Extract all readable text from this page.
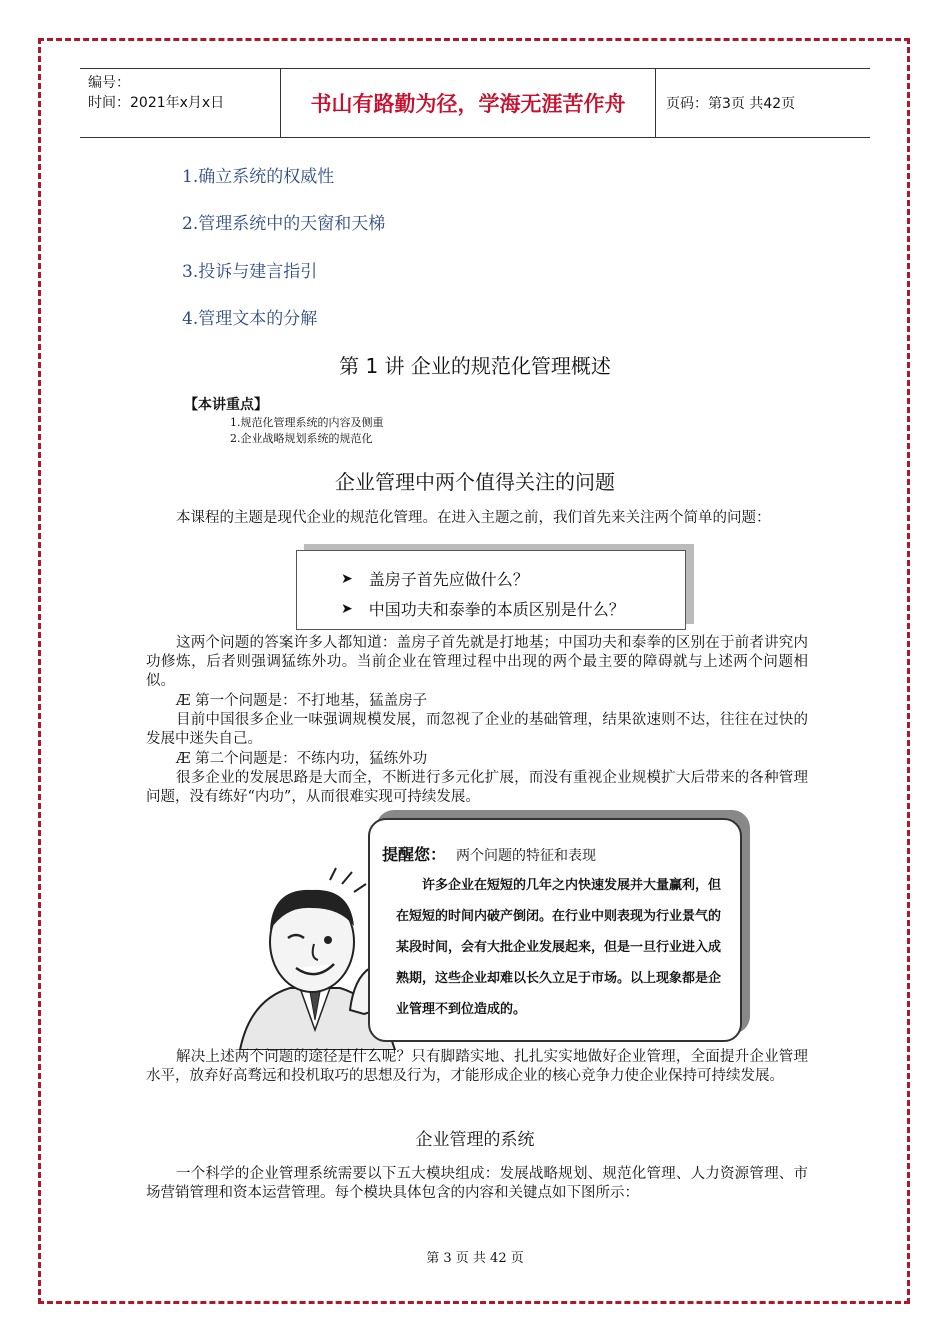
编号：
时间：2021年x月x日	书山有路勤为径，学海无涯苦作舟	页码：第3页 共42页
1.确立系统的权威性
2.管理系统中的天窗和天梯
3.投诉与建言指引
4.管理文本的分解
第 1 讲 企业的规范化管理概述
【本讲重点】
1.规范化管理系统的内容及侧重
2.企业战略规划系统的规范化
企业管理中两个值得关注的问题
本课程的主题是现代企业的规范化管理。在进入主题之前，我们首先来关注两个简单的问题：
➤ 盖房子首先应做什么？
➤ 中国功夫和泰拳的本质区别是什么？
这两个问题的答案许多人都知道：盖房子首先就是打地基；中国功夫和泰拳的区别在于前者讲究内功修炼，后者则强调猛练外功。当前企业在管理过程中出现的两个最主要的障碍就与上述两个问题相似。
Æ 第一个问题是：不打地基，猛盖房子
目前中国很多企业一味强调规模发展，而忽视了企业的基础管理，结果欲速则不达，往往在过快的发展中迷失自己。
Æ 第二个问题是：不练内功，猛练外功
很多企业的发展思路是大而全，不断进行多元化扩展，而没有重视企业规模扩大后带来的各种管理问题，没有练好“内功”，从而很难实现可持续发展。
提醒您： 两个问题的特征和表现
许多企业在短短的几年之内快速发展并大量赢利，但在短短的时间内破产倒闭。在行业中则表现为行业景气的某段时间，会有大批企业发展起来，但是一旦行业进入成熟期，这些企业却难以长久立足于市场。以上现象都是企业管理不到位造成的。
解决上述两个问题的途径是什么呢？只有脚踏实地、扎扎实实地做好企业管理，全面提升企业管理水平，放弃好高骛远和投机取巧的思想及行为，才能形成企业的核心竞争力使企业保持可持续发展。
企业管理的系统
一个科学的企业管理系统需要以下五大模块组成：发展战略规划、规范化管理、人力资源管理、市场营销管理和资本运营管理。每个模块具体包含的内容和关键点如下图所示：
第 3 页 共 42 页
